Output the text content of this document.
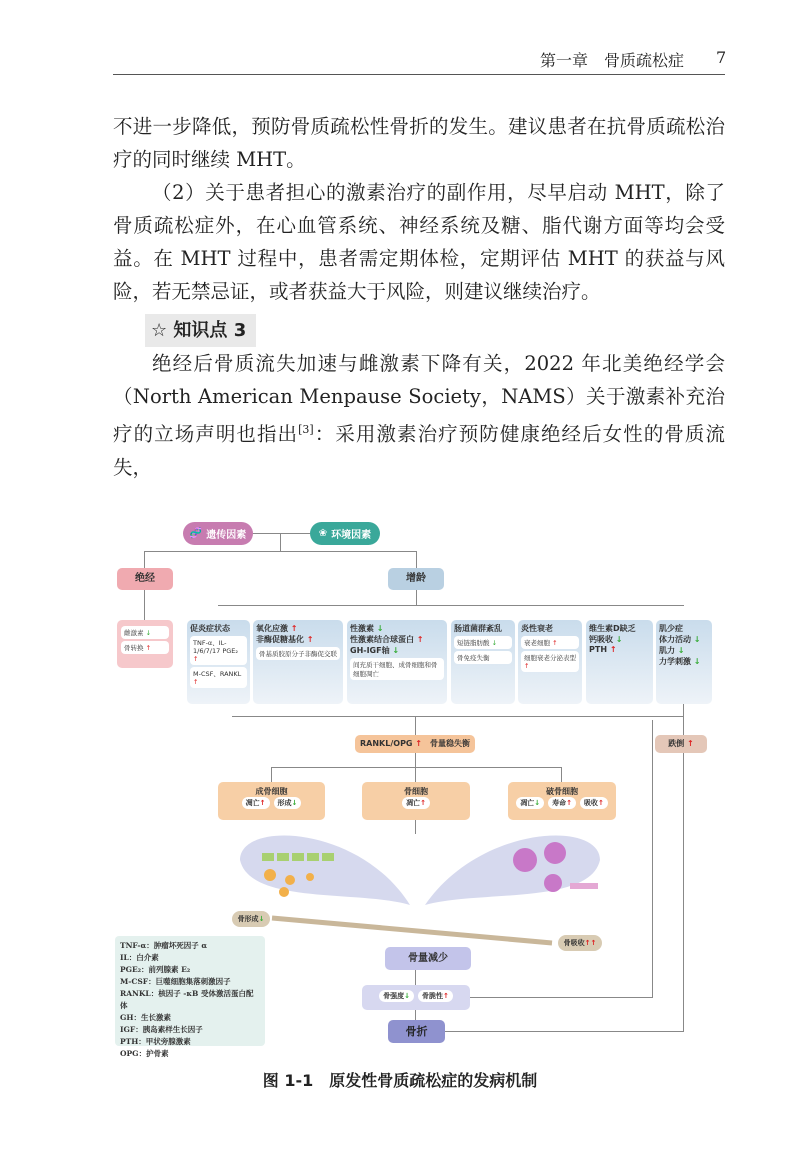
第一章　骨质疏松症 7

不进一步降低，预防骨质疏松性骨折的发生。建议患者在抗骨质疏松治疗的同时继续 MHT。

（2）关于患者担心的激素治疗的副作用，尽早启动 MHT，除了骨质疏松症外，在心血管系统、神经系统及糖、脂代谢方面等均会受益。在 MHT 过程中，患者需定期体检，定期评估 MHT 的获益与风险，若无禁忌证，或者获益大于风险，则建议继续治疗。

☆ 知识点 3

绝经后骨质流失加速与雌激素下降有关，2022 年北美绝经学会（North American Menpause Society，NAMS）关于激素补充治疗的立场声明也指出[3]：采用激素治疗预防健康绝经后女性的骨质流失，

🧬 遗传因素	❀ 环境因素
绝经	增龄
雌激素 ↓
骨转换 ↑
促炎症状态
TNF-α、IL-1/6/7/17 PGE₂ ↑
M-CSF、RANKL ↑
氧化应激 ↑
非酶促糖基化 ↑
骨基质胶原分子非酶促交联
性激素 ↓
性激素结合球蛋白 ↑
GH-IGF轴 ↓
间充质干细胞、成骨细胞和骨细胞凋亡
肠道菌群紊乱
短链脂肪酸 ↓
骨免疫失衡
炎性衰老
衰老细胞 ↑
细胞衰老分泌表型 ↑
维生素D缺乏
钙吸收 ↓
PTH ↑
肌少症
体力活动 ↓
肌力 ↓
力学刺激 ↓
RANKL/OPG ↑　 骨量稳失衡	跌倒 ↑
成骨细胞
凋亡↑ 形成↓
骨细胞
凋亡↑
破骨细胞
凋亡↓ 寿命↑ 吸收↑
骨形成↓
骨吸收↑↑
骨量减少
骨强度↓ 骨脆性↑
骨折
TNF-α：肿瘤坏死因子 α
IL：白介素
PGE₂：前列腺素 E₂
M-CSF：巨噬细胞集落刺激因子
RANKL：核因子 -κB 受体激活蛋白配体
GH：生长激素
IGF：胰岛素样生长因子
PTH：甲状旁腺激素
OPG：护骨素
图 1-1　原发性骨质疏松症的发病机制
